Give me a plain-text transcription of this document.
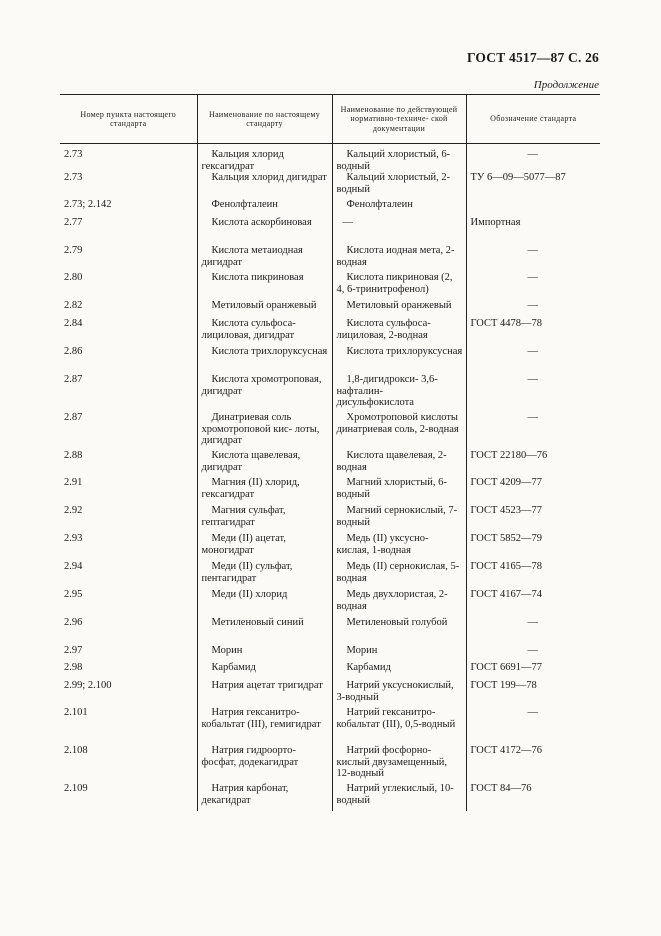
ГОСТ 4517—87 С. 26
Продолжение
Номер пункта настоящего стандарта	Наименование по настоящему стандарту	Наименование по действующей нормативно-техниче- ской документации	Обозначение стандарта
2.73	Кальция хлорид гексагидрат	Кальций хлористый, 6-водный	—
2.73	Кальция хлорид дигидрат	Кальций хлористый, 2-водный	ТУ 6—09—5077—87
2.73; 2.142	Фенолфталеин	Фенолфталеин	
2.77	Кислота аскорбиновая	—	Импортная
2.79	Кислота метаиодная дигидрат	Кислота иодная мета, 2-водная	—
2.80	Кислота пикриновая	Кислота пикриновая (2, 4, 6-тринитрофенол)	—
2.82	Метиловый оранжевый	Метиловый оранжевый	—
2.84	Кислота сульфоса- лициловая, дигидрат	Кислота сульфоса- лициловая, 2-водная	ГОСТ 4478—78
2.86	Кислота трихлоруксусная	Кислота трихлоруксусная	—
2.87	Кислота хромотроповая, дигидрат	1,8-дигидрокси- 3,6-нафталин- дисульфокислота	—
2.87	Динатриевая соль хромотроповой кис- лоты, дигидрат	Хромотроповой кислоты динатриевая соль, 2-водная	—
2.88	Кислота щавелевая, дигидрат	Кислота щавелевая, 2-водная	ГОСТ 22180—76
2.91	Магния (II) хлорид, гексагидрат	Магний хлористый, 6-водный	ГОСТ 4209—77
2.92	Магния сульфат, гептагидрат	Магний сернокислый, 7-водный	ГОСТ 4523—77
2.93	Меди (II) ацетат, моногидрат	Медь (II) уксусно- кислая, 1-водная	ГОСТ 5852—79
2.94	Меди (II) сульфат, пентагидрат	Медь (II) сернокислая, 5-водная	ГОСТ 4165—78
2.95	Меди (II) хлорид	Медь двухлористая, 2-водная	ГОСТ 4167—74
2.96	Метиленовый синий	Метиленовый голубой	—
2.97	Морин	Морин	—
2.98	Карбамид	Карбамид	ГОСТ 6691—77
2.99; 2.100	Натрия ацетат тригидрат	Натрий уксуснокислый, 3-водный	ГОСТ 199—78
2.101	Натрия гексанитро- кобальтат (III), гемигидрат	Натрий гексанитро- кобальтат (III), 0,5-водный	—
2.108	Натрия гидроорто- фосфат, додекагидрат	Натрий фосфорно- кислый двузамещенный, 12-водный	ГОСТ 4172—76
2.109	Натрия карбонат, декагидрат	Натрий углекислый, 10-водный	ГОСТ 84—76
